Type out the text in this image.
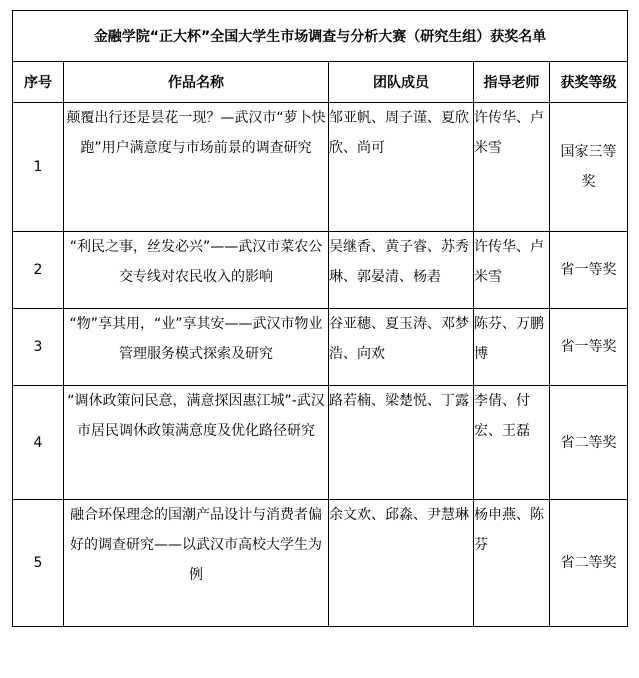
金融学院“正大杯”全国大学生市场调查与分析大赛（研究生组）获奖名单				
序号	作品名称	团队成员	指导老师	获奖等级
1	颠覆出行还是昙花一现？—武汉市“萝卜快跑”用户满意度与市场前景的调查研究	邹亚帆、周子谨、夏欣欣、尚可	许传华、卢米雪	国家三等奖
2	“利民之事，丝发必兴”——武汉市菜农公交专线对农民收入的影响	吴继香、黄子睿、苏秀琳、郭晏清、杨砉	许传华、卢米雪	省一等奖
3	“物”享其用，“业”享其安——武汉市物业管理服务模式探索及研究	谷亚穗、夏玉涛、邓梦浩、向欢	陈芬、万鹏博	省一等奖
4	“调休政策问民意，满意探因惠江城”-武汉市居民调休政策满意度及优化路径研究	路若楠、梁楚悦、丁露	李倩、付宏、王磊	省二等奖
5	融合环保理念的国潮产品设计与消费者偏好的调查研究——以武汉市高校大学生为例	余文欢、邱淼、尹慧琳	杨申燕、陈芬	省二等奖
